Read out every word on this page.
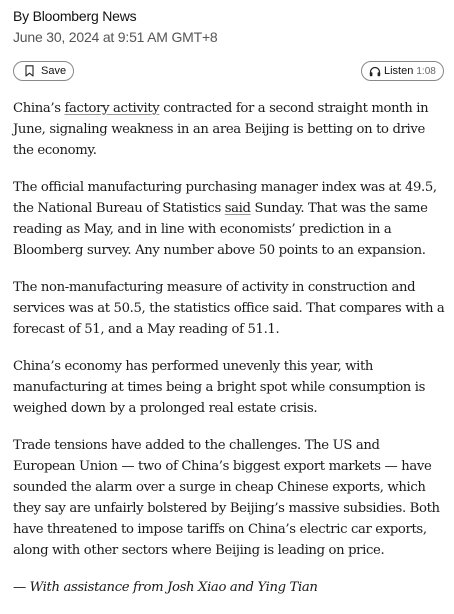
By Bloomberg News
June 30, 2024 at 9:51 AM GMT+8
Save	Listen 1:08

China’s factory activity contracted for a second straight month in June, signaling weakness in an area Beijing is betting on to drive the economy.

The official manufacturing purchasing manager index was at 49.5, the National Bureau of Statistics said Sunday. That was the same reading as May, and in line with economists’ prediction in a Bloomberg survey. Any number above 50 points to an expansion.

The non-manufacturing measure of activity in construction and services was at 50.5, the statistics office said. That compares with a forecast of 51, and a May reading of 51.1.

China’s economy has performed unevenly this year, with manufacturing at times being a bright spot while consumption is weighed down by a prolonged real estate crisis.

Trade tensions have added to the challenges. The US and European Union — two of China’s biggest export markets — have sounded the alarm over a surge in cheap Chinese exports, which they say are unfairly bolstered by Beijing’s massive subsidies. Both have threatened to impose tariffs on China’s electric car exports, along with other sectors where Beijing is leading on price.

— With assistance from Josh Xiao and Ying Tian
